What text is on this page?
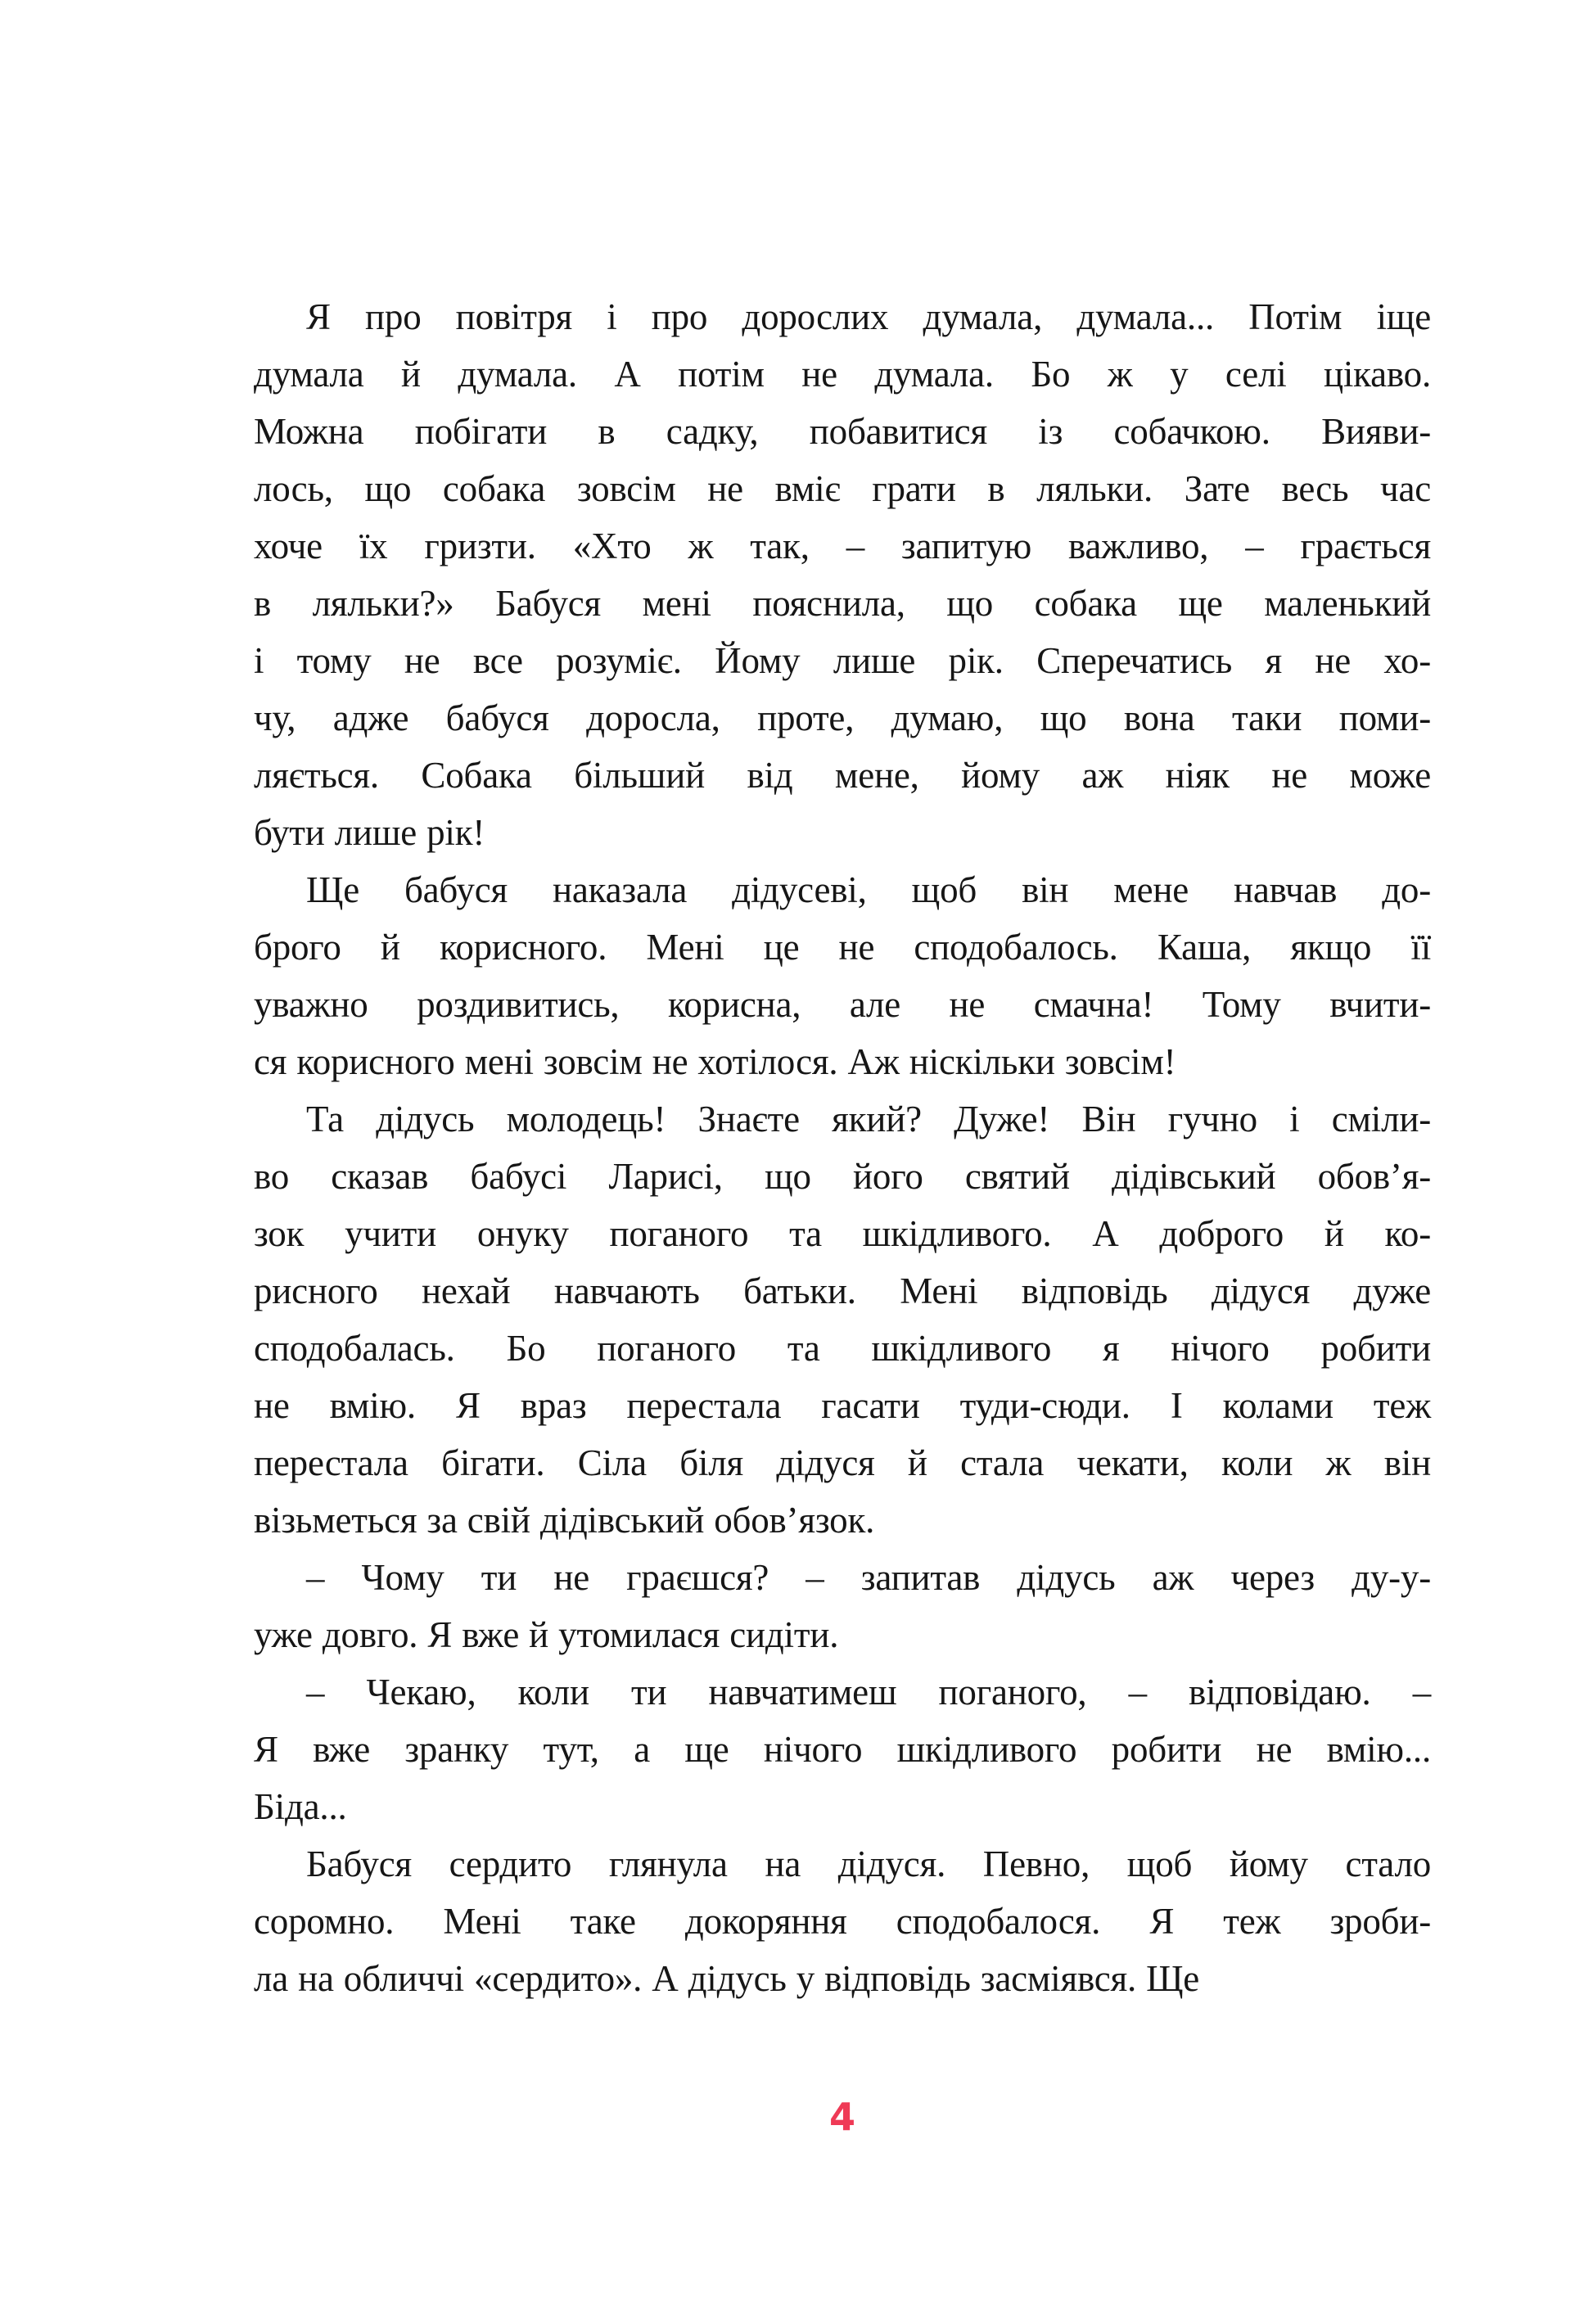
Я про повітря і про дорослих думала, думала... Потім іще
думала й думала. А потім не думала. Бо ж у селі цікаво.
Можна побігати в садку, побавитися із собачкою. Вияви-
лось, що собака зовсім не вміє грати в ляльки. Зате весь час
хоче їх гризти. «Хто ж так, – запитую важливо, – грається
в ляльки?» Бабуся мені пояснила, що собака ще маленький
і тому не все розуміє. Йому лише рік. Сперечатись я не хо-
чу, адже бабуся доросла, проте, думаю, що вона таки поми-
ляється. Собака більший від мене, йому аж ніяк не може
бути лише рік!
Ще бабуся наказала дідусеві, щоб він мене навчав до-
брого й корисного. Мені це не сподобалось. Каша, якщо її
уважно роздивитись, корисна, але не смачна! Тому вчити-
ся корисного мені зовсім не хотілося. Аж ніскільки зовсім!
Та дідусь молодець! Знаєте який? Дуже! Він гучно і сміли-
во сказав бабусі Ларисі, що його святий дідівський обов’я-
зок учити онуку поганого та шкідливого. А доброго й ко-
рисного нехай навчають батьки. Мені відповідь дідуся дуже
сподобалась. Бо поганого та шкідливого я нічого робити
не вмію. Я враз перестала гасати туди-сюди. І колами теж
перестала бігати. Сіла біля дідуся й стала чекати, коли ж він
візьметься за свій дідівський обов’язок.
– Чому ти не граєшся? – запитав дідусь аж через ду-у-
уже довго. Я вже й утомилася сидіти.
– Чекаю, коли ти навчатимеш поганого, – відповідаю. –
Я вже зранку тут, а ще нічого шкідливого робити не вмію...
Біда...
Бабуся сердито глянула на дідуся. Певно, щоб йому стало
соромно. Мені таке докоряння сподобалося. Я теж зроби-
ла на обличчі «сердито». А дідусь у відповідь засміявся. Ще
4
